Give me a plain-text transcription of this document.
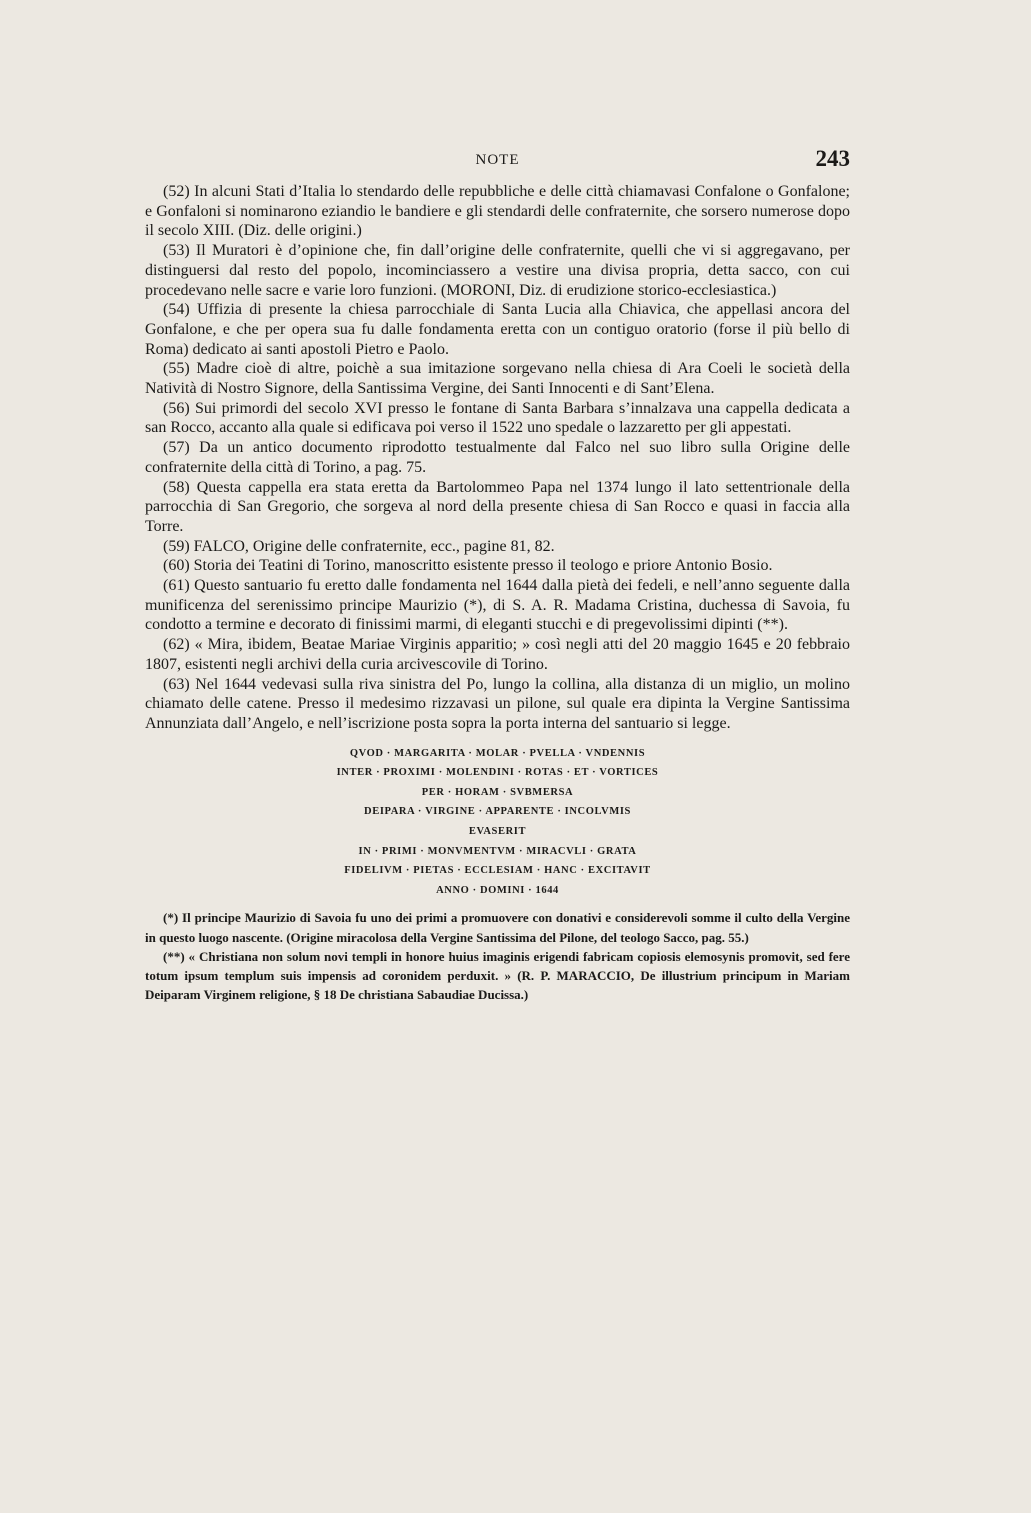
NOTE	243

(52) In alcuni Stati d’Italia lo stendardo delle repubbliche e delle città chiamavasi Confalone o Gonfalone; e Gonfaloni si nominarono eziandio le bandiere e gli stendardi delle confraternite, che sorsero numerose dopo il secolo XIII. (Diz. delle origini.)

(53) Il Muratori è d’opinione che, fin dall’origine delle confraternite, quelli che vi si aggregavano, per distinguersi dal resto del popolo, incominciassero a vestire una divisa propria, detta sacco, con cui procedevano nelle sacre e varie loro funzioni. (MORONI, Diz. di erudizione storico-ecclesiastica.)

(54) Uffizia di presente la chiesa parrocchiale di Santa Lucia alla Chiavica, che appellasi ancora del Gonfalone, e che per opera sua fu dalle fondamenta eretta con un contiguo oratorio (forse il più bello di Roma) dedicato ai santi apostoli Pietro e Paolo.

(55) Madre cioè di altre, poichè a sua imitazione sorgevano nella chiesa di Ara Coeli le società della Natività di Nostro Signore, della Santissima Vergine, dei Santi Innocenti e di Sant’Elena.

(56) Sui primordi del secolo XVI presso le fontane di Santa Barbara s’innalzava una cappella dedicata a san Rocco, accanto alla quale si edificava poi verso il 1522 uno spedale o lazzaretto per gli appestati.

(57) Da un antico documento riprodotto testualmente dal Falco nel suo libro sulla Origine delle confraternite della città di Torino, a pag. 75.

(58) Questa cappella era stata eretta da Bartolommeo Papa nel 1374 lungo il lato settentrionale della parrocchia di San Gregorio, che sorgeva al nord della presente chiesa di San Rocco e quasi in faccia alla Torre.

(59) FALCO, Origine delle confraternite, ecc., pagine 81, 82.

(60) Storia dei Teatini di Torino, manoscritto esistente presso il teologo e priore Antonio Bosio.

(61) Questo santuario fu eretto dalle fondamenta nel 1644 dalla pietà dei fedeli, e nell’anno seguente dalla munificenza del serenissimo principe Maurizio (*), di S. A. R. Madama Cristina, duchessa di Savoia, fu condotto a termine e decorato di finissimi marmi, di eleganti stucchi e di pregevolissimi dipinti (**).

(62) « Mira, ibidem, Beatae Mariae Virginis apparitio; » così negli atti del 20 maggio 1645 e 20 febbraio 1807, esistenti negli archivi della curia arcivescovile di Torino.

(63) Nel 1644 vedevasi sulla riva sinistra del Po, lungo la collina, alla distanza di un miglio, un molino chiamato delle catene. Presso il medesimo rizzavasi un pilone, sul quale era dipinta la Vergine Santissima Annunziata dall’Angelo, e nell’iscrizione posta sopra la porta interna del santuario si legge.

QVOD · MARGARITA · MOLAR · PVELLA · VNDENNIS
INTER · PROXIMI · MOLENDINI · ROTAS · ET · VORTICES
PER · HORAM · SVBMERSA
DEIPARA · VIRGINE · APPARENTE · INCOLVMIS
EVASERIT
IN · PRIMI · MONVMENTVM · MIRACVLI · GRATA
FIDELIVM · PIETAS · ECCLESIAM · HANC · EXCITAVIT
ANNO · DOMINI · 1644

(*) Il principe Maurizio di Savoia fu uno dei primi a promuovere con donativi e considerevoli somme il culto della Vergine in questo luogo nascente. (Origine miracolosa della Vergine Santissima del Pilone, del teologo Sacco, pag. 55.)

(**) « Christiana non solum novi templi in honore huius imaginis erigendi fabricam copiosis elemosynis promovit, sed fere totum ipsum templum suis impensis ad coronidem perduxit. » (R. P. MARACCIO, De illustrium principum in Mariam Deiparam Virginem religione, § 18 De christiana Sabaudiae Ducissa.)
